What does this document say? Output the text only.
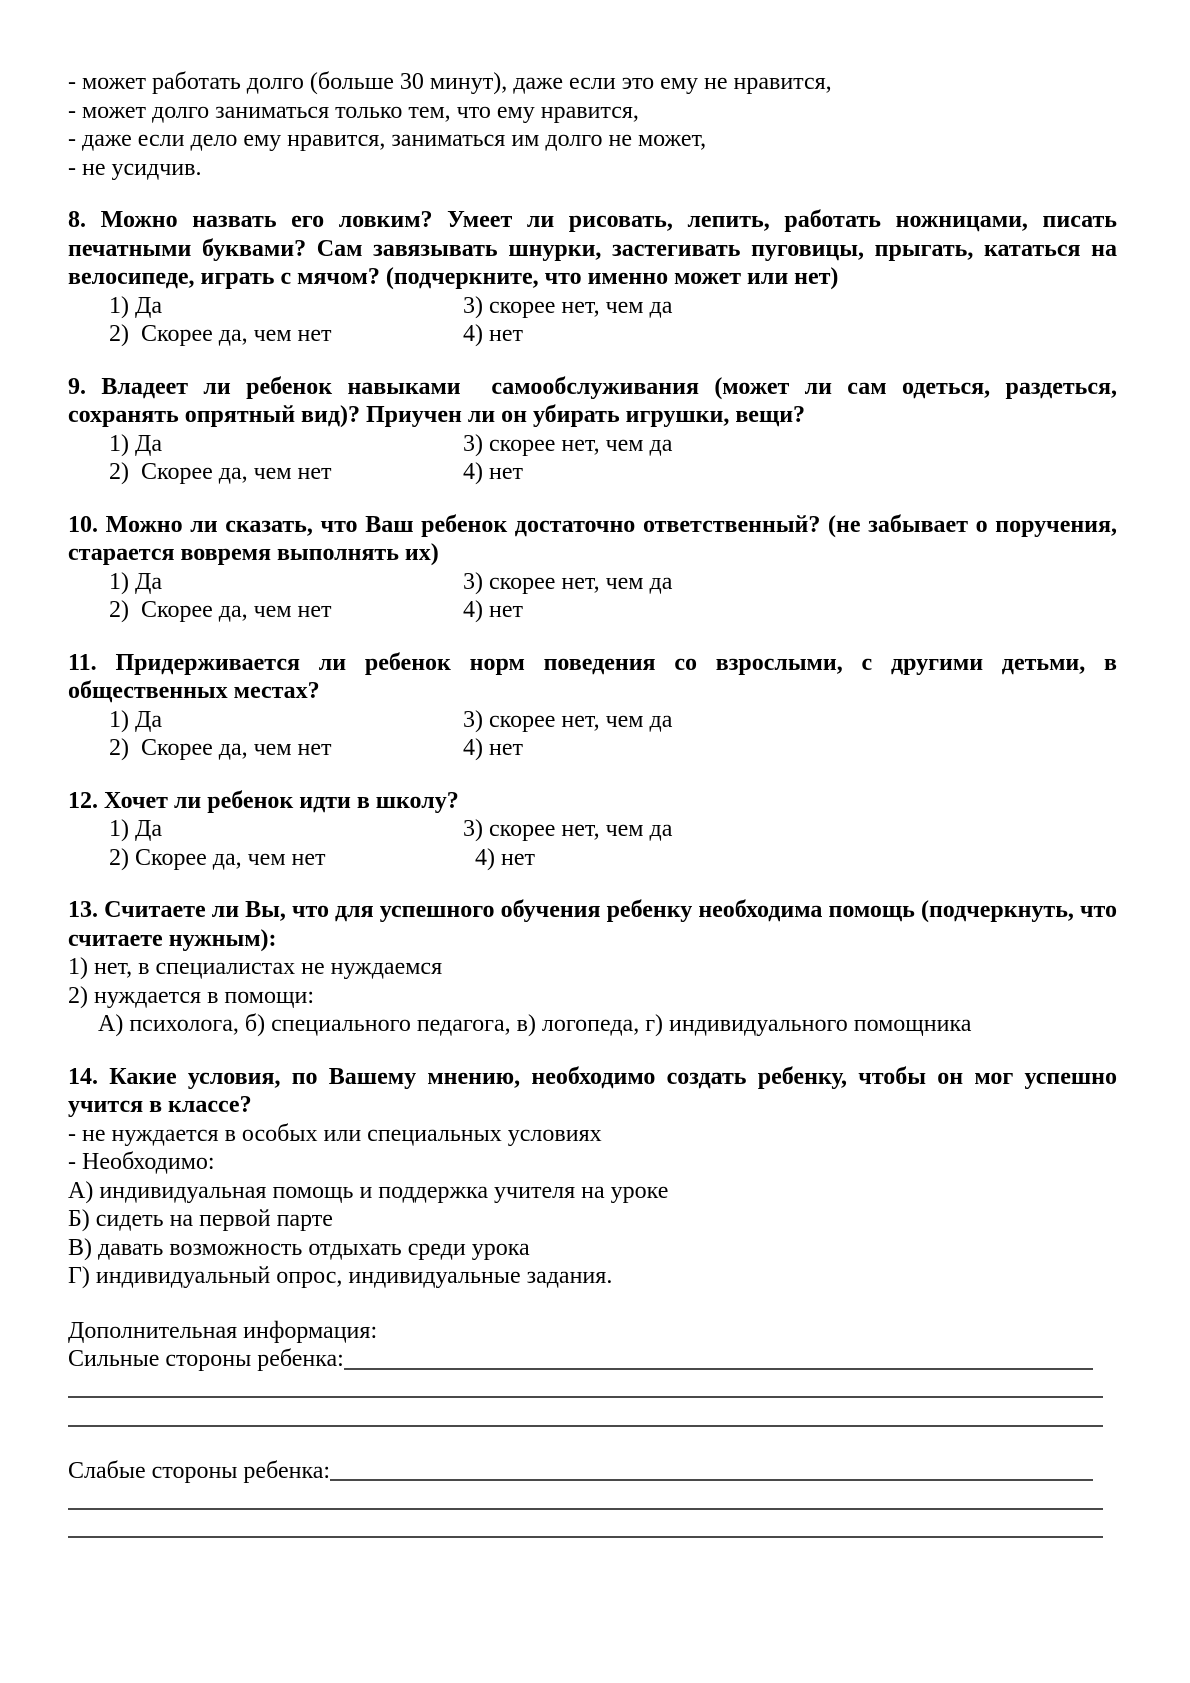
- может работать долго (больше 30 минут), даже если это ему не нравится,

- может долго заниматься только тем, что ему нравится,

- даже если дело ему нравится, заниматься им долго не может,

- не усидчив.

8. Можно назвать его ловким? Умеет ли рисовать, лепить, работать ножницами, писать печатными буквами? Сам завязывать шнурки, застегивать пуговицы, прыгать, кататься на велосипеде, играть с мячом? (подчеркните, что именно может или нет)

1) Да	3) скорее нет, чем да
2)  Скорее да, чем нет	4) нет

9. Владеет ли ребенок навыками  самообслуживания (может ли сам одеться, раздеться, сохранять опрятный вид)? Приучен ли он убирать игрушки, вещи?

1) Да	3) скорее нет, чем да
2)  Скорее да, чем нет	4) нет

10. Можно ли сказать, что Ваш ребенок достаточно ответственный? (не забывает о поручения, старается вовремя выполнять их)

1) Да	3) скорее нет, чем да
2)  Скорее да, чем нет	4) нет

11. Придерживается ли ребенок норм поведения со взрослыми, с другими детьми, в общественных местах?

1) Да	3) скорее нет, чем да
2)  Скорее да, чем нет	4) нет

12. Хочет ли ребенок идти в школу?

1) Да	3) скорее нет, чем да
2) Скорее да, чем нет	4) нет

13. Считаете ли Вы, что для успешного обучения ребенку необходима помощь (подчеркнуть, что считаете нужным):

1) нет, в специалистах не нуждаемся

2) нуждается в помощи:

А) психолога, б) специального педагога, в) логопеда, г) индивидуального помощника

14. Какие условия, по Вашему мнению, необходимо создать ребенку, чтобы он мог успешно учится в классе?

- не нуждается в особых или специальных условиях

- Необходимо:

А) индивидуальная помощь и поддержка учителя на уроке

Б) сидеть на первой парте

В) давать возможность отдыхать среди урока

Г) индивидуальный опрос, индивидуальные задания.

Дополнительная информация:

Сильные стороны ребенка:
Слабые стороны ребенка:
